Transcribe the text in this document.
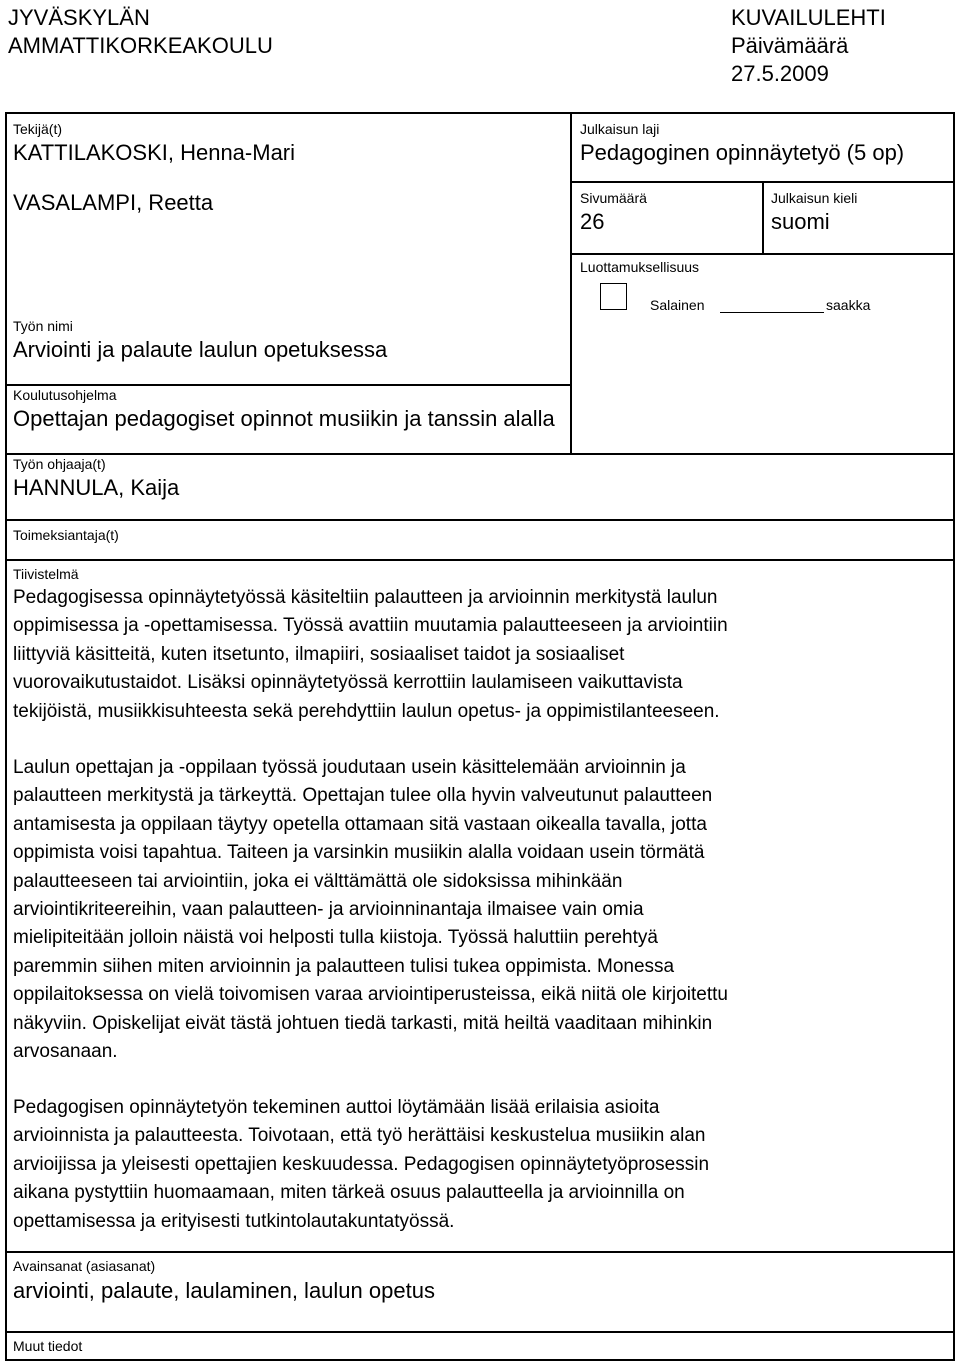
JYVÄSKYLÄN
AMMATTIKORKEAKOULU
KUVAILULEHTI
Päivämäärä
27.5.2009
Tekijä(t)
KATTILAKOSKI, Henna-Mari
VASALAMPI, Reetta
Julkaisun laji
Pedagoginen opinnäytetyö (5 op)
Sivumäärä
26
Julkaisun kieli
suomi
Luottamuksellisuus
Salainen	saakka
Työn nimi
Arviointi ja palaute laulun opetuksessa
Koulutusohjelma
Opettajan pedagogiset opinnot musiikin ja tanssin alalla
Työn ohjaaja(t)
HANNULA, Kaija
Toimeksiantaja(t)
Tiivistelmä
Pedagogisessa opinnäytetyössä käsiteltiin palautteen ja arvioinnin merkitystä laulun
oppimisessa ja -opettamisessa. Työssä avattiin muutamia palautteeseen ja arviointiin
liittyviä käsitteitä, kuten itsetunto, ilmapiiri, sosiaaliset taidot ja sosiaaliset
vuorovaikutustaidot. Lisäksi opinnäytetyössä kerrottiin laulamiseen vaikuttavista
tekijöistä, musiikkisuhteesta sekä perehdyttiin laulun opetus- ja oppimistilanteeseen.
Laulun opettajan ja -oppilaan työssä joudutaan usein käsittelemään arvioinnin ja
palautteen merkitystä ja tärkeyttä. Opettajan tulee olla hyvin valveutunut palautteen
antamisesta ja oppilaan täytyy opetella ottamaan sitä vastaan oikealla tavalla, jotta
oppimista voisi tapahtua. Taiteen ja varsinkin musiikin alalla voidaan usein törmätä
palautteeseen tai arviointiin, joka ei välttämättä ole sidoksissa mihinkään
arviointikriteereihin, vaan palautteen- ja arvioinninantaja ilmaisee vain omia
mielipiteitään jolloin näistä voi helposti tulla kiistoja. Työssä haluttiin perehtyä
paremmin siihen miten arvioinnin ja palautteen tulisi tukea oppimista. Monessa
oppilaitoksessa on vielä toivomisen varaa arviointiperusteissa, eikä niitä ole kirjoitettu
näkyviin. Opiskelijat eivät tästä johtuen tiedä tarkasti, mitä heiltä vaaditaan mihinkin
arvosanaan.
Pedagogisen opinnäytetyön tekeminen auttoi löytämään lisää erilaisia asioita
arvioinnista ja palautteesta. Toivotaan, että työ herättäisi keskustelua musiikin alan
arvioijissa ja yleisesti opettajien keskuudessa. Pedagogisen opinnäytetyöprosessin
aikana pystyttiin huomaamaan, miten tärkeä osuus palautteella ja arvioinnilla on
opettamisessa ja erityisesti tutkintolautakuntatyössä.
Avainsanat (asiasanat)
arviointi, palaute, laulaminen, laulun opetus
Muut tiedot
